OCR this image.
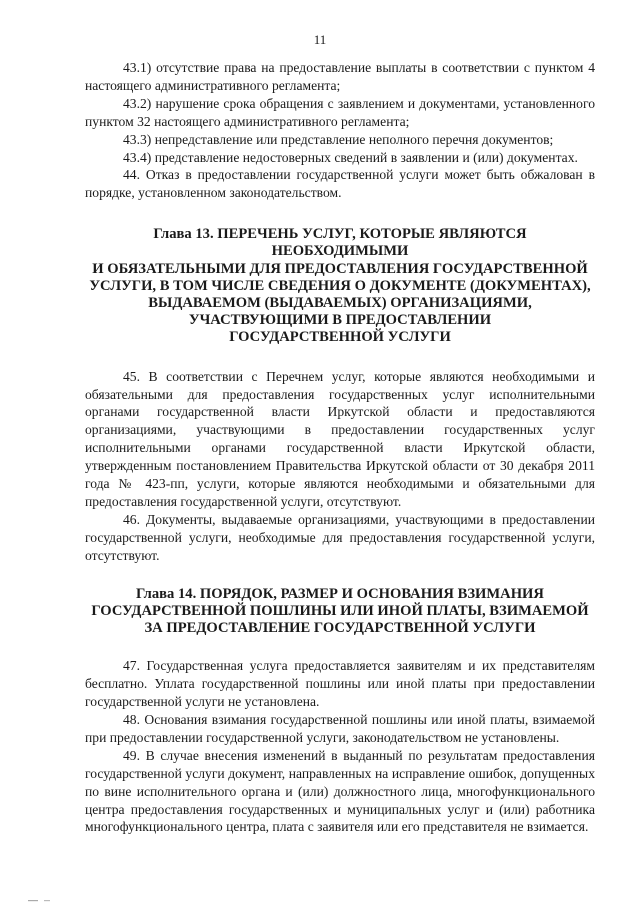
11

43.1) отсутствие права на предоставление выплаты в соответствии с пунктом 4 настоящего административного регламента;

43.2) нарушение срока обращения с заявлением и документами, установленного пунктом 32 настоящего административного регламента;

43.3) непредставление или представление неполного перечня документов;

43.4) представление недостоверных сведений в заявлении и (или) документах.

44. Отказ в предоставлении государственной услуги может быть обжалован в порядке, установленном законодательством.

Глава 13. ПЕРЕЧЕНЬ УСЛУГ, КОТОРЫЕ ЯВЛЯЮТСЯ НЕОБХОДИМЫМИ
И ОБЯЗАТЕЛЬНЫМИ ДЛЯ ПРЕДОСТАВЛЕНИЯ ГОСУДАРСТВЕННОЙ
УСЛУГИ, В ТОМ ЧИСЛЕ СВЕДЕНИЯ О ДОКУМЕНТЕ (ДОКУМЕНТАХ),
ВЫДАВАЕМОМ (ВЫДАВАЕМЫХ) ОРГАНИЗАЦИЯМИ,
УЧАСТВУЮЩИМИ В ПРЕДОСТАВЛЕНИИ
ГОСУДАРСТВЕННОЙ УСЛУГИ

45. В соответствии с Перечнем услуг, которые являются необходимыми и обязательными для предоставления государственных услуг исполнительными органами государственной власти Иркутской области и предоставляются организациями, участвующими в предоставлении государственных услуг исполнительными органами государственной власти Иркутской области, утвержденным постановлением Правительства Иркутской области от 30 декабря 2011 года № 423-пп, услуги, которые являются необходимыми и обязательными для предоставления государственной услуги, отсутствуют.

46. Документы, выдаваемые организациями, участвующими в предоставлении государственной услуги, необходимые для предоставления государственной услуги, отсутствуют.

Глава 14. ПОРЯДОК, РАЗМЕР И ОСНОВАНИЯ ВЗИМАНИЯ
ГОСУДАРСТВЕННОЙ ПОШЛИНЫ ИЛИ ИНОЙ ПЛАТЫ, ВЗИМАЕМОЙ
ЗА ПРЕДОСТАВЛЕНИЕ ГОСУДАРСТВЕННОЙ УСЛУГИ

47. Государственная услуга предоставляется заявителям и их представителям бесплатно. Уплата государственной пошлины или иной платы при предоставлении государственной услуги не установлена.

48. Основания взимания государственной пошлины или иной платы, взимаемой при предоставлении государственной услуги, законодательством не установлены.

49. В случае внесения изменений в выданный по результатам предоставления государственной услуги документ, направленных на исправление ошибок, допущенных по вине исполнительного органа и (или) должностного лица, многофункционального центра предоставления государственных и муниципальных услуг и (или) работника многофункционального центра, плата с заявителя или его представителя не взимается.
